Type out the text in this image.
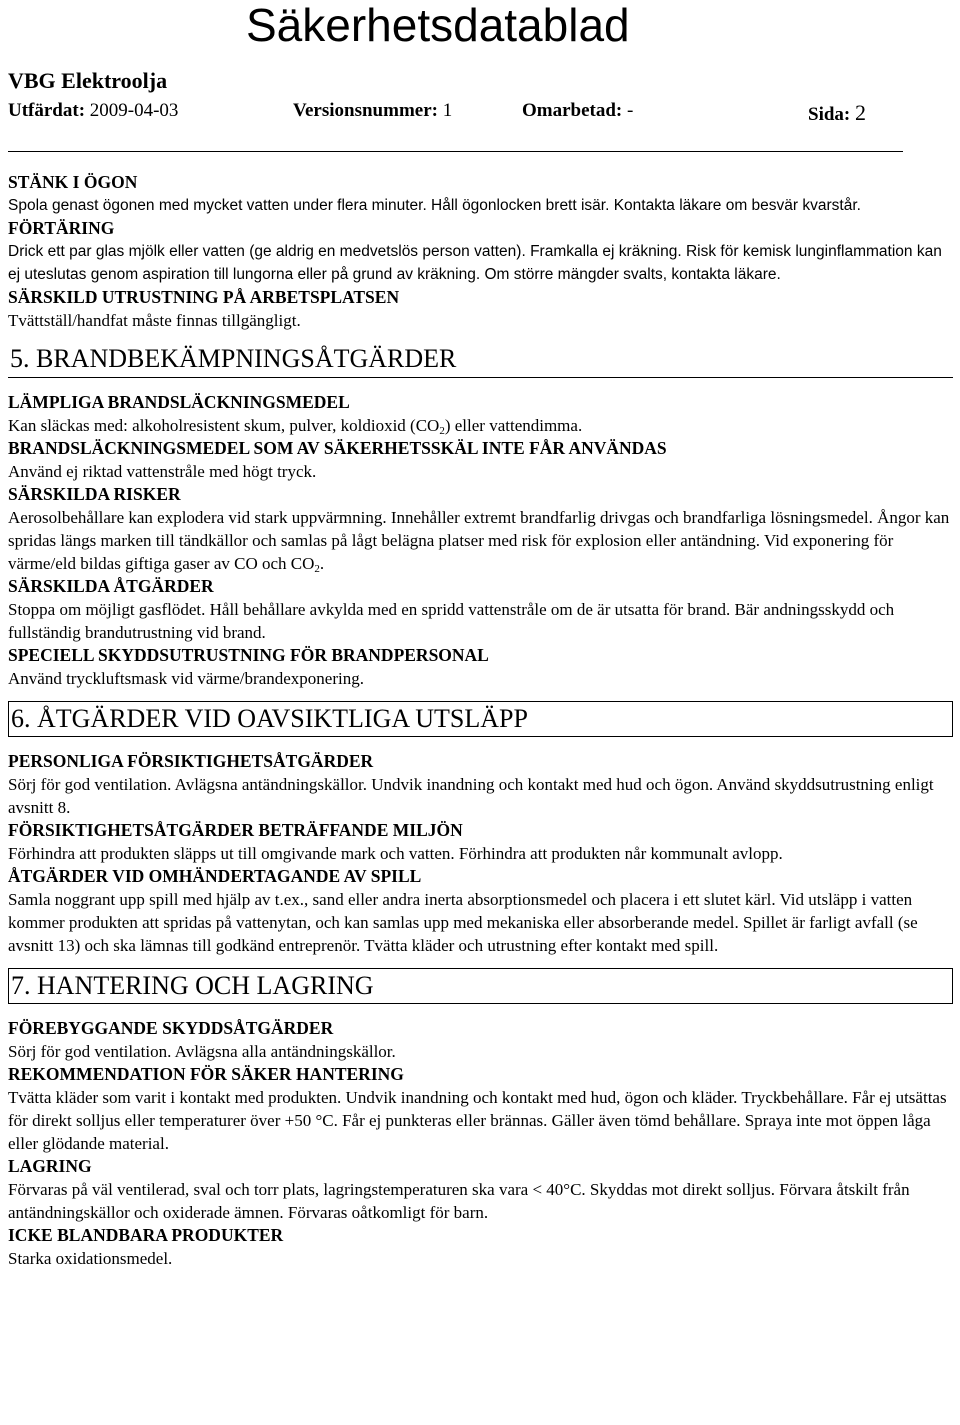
Säkerhetsdatablad
VBG Elektroolja
Utfärdat: 2009-04-03	Versionsnummer: 1	Omarbetad: -	Sida: 2
STÄNK I ÖGON

Spola genast ögonen med mycket vatten under flera minuter. Håll ögonlocken brett isär. Kontakta läkare om besvär kvarstår.

FÖRTÄRING

Drick ett par glas mjölk eller vatten (ge aldrig en medvetslös person vatten). Framkalla ej kräkning. Risk för kemisk lunginflammation kan ej uteslutas genom aspiration till lungorna eller på grund av kräkning. Om större mängder svalts, kontakta läkare.

SÄRSKILD UTRUSTNING PÅ ARBETSPLATSEN

Tvättställ/handfat måste finnas tillgängligt.

5. BRANDBEKÄMPNINGSÅTGÄRDER
LÄMPLIGA BRANDSLÄCKNINGSMEDEL

Kan släckas med: alkoholresistent skum, pulver, koldioxid $(CO_2)$ eller vattendimma.

BRANDSLÄCKNINGSMEDEL SOM AV SÄKERHETSSKÄL INTE FÅR ANVÄNDAS

Använd ej riktad vattenstråle med högt tryck.

SÄRSKILDA RISKER

Aerosolbehållare kan explodera vid stark uppvärmning. Innehåller extremt brandfarlig drivgas och brandfarliga lösningsmedel. Ångor kan spridas längs marken till tändkällor och samlas på lågt belägna platser med risk för explosion eller antändning. Vid exponering för värme/eld bildas giftiga gaser av CO och $CO_2$.

SÄRSKILDA ÅTGÄRDER

Stoppa om möjligt gasflödet. Håll behållare avkylda med en spridd vattenstråle om de är utsatta för brand. Bär andningsskydd och fullständig brandutrustning vid brand.

SPECIELL SKYDDSUTRUSTNING FÖR BRANDPERSONAL

Använd tryckluftsmask vid värme/brandexponering.

6. ÅTGÄRDER VID OAVSIKTLIGA UTSLÄPP
PERSONLIGA FÖRSIKTIGHETSÅTGÄRDER

Sörj för god ventilation. Avlägsna antändningskällor. Undvik inandning och kontakt med hud och ögon. Använd skyddsutrustning enligt avsnitt 8.

FÖRSIKTIGHETSÅTGÄRDER BETRÄFFANDE MILJÖN

Förhindra att produkten släpps ut till omgivande mark och vatten. Förhindra att produkten når kommunalt avlopp.

ÅTGÄRDER VID OMHÄNDERTAGANDE AV SPILL

Samla noggrant upp spill med hjälp av t.ex., sand eller andra inerta absorptionsmedel och placera i ett slutet kärl. Vid utsläpp i vatten kommer produkten att spridas på vattenytan, och kan samlas upp med mekaniska eller absorberande medel. Spillet är farligt avfall (se avsnitt 13) och ska lämnas till godkänd entreprenör. Tvätta kläder och utrustning efter kontakt med spill.

7. HANTERING OCH LAGRING
FÖREBYGGANDE SKYDDSÅTGÄRDER

Sörj för god ventilation. Avlägsna alla antändningskällor.

REKOMMENDATION FÖR SÄKER HANTERING

Tvätta kläder som varit i kontakt med produkten. Undvik inandning och kontakt med hud, ögon och kläder. Tryckbehållare. Får ej utsättas för direkt solljus eller temperaturer över +50 °C. Får ej punkteras eller brännas. Gäller även tömd behållare. Spraya inte mot öppen låga eller glödande material.

LAGRING

Förvaras på väl ventilerad, sval och torr plats, lagringstemperaturen ska vara < 40°C. Skyddas mot direkt solljus. Förvara åtskilt från antändningskällor och oxiderade ämnen. Förvaras oåtkomligt för barn.

ICKE BLANDBARA PRODUKTER

Starka oxidationsmedel.
